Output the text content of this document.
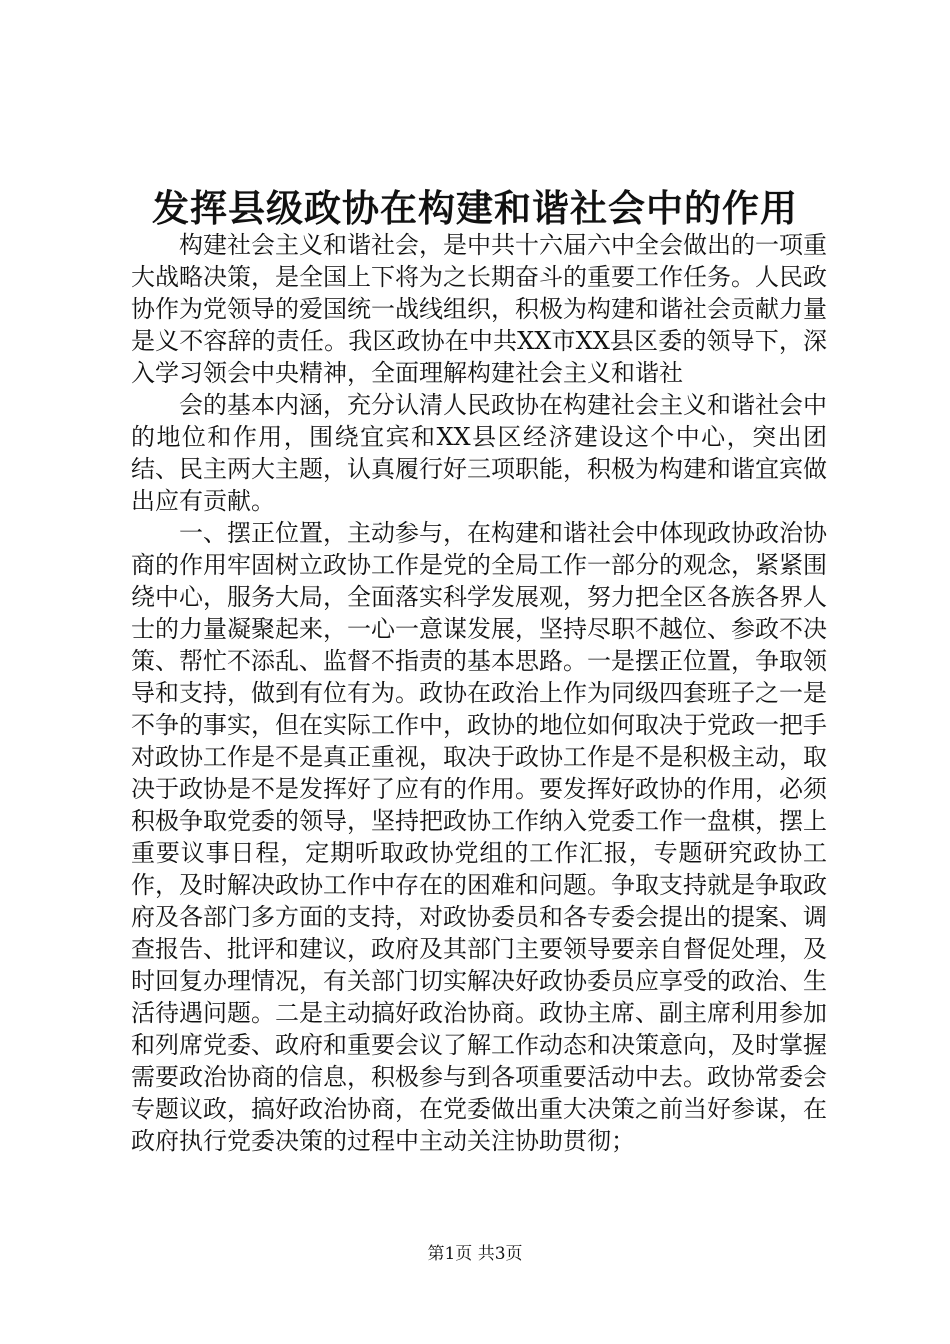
发挥县级政协在构建和谐社会中的作用

构建社会主义和谐社会，是中共十六届六中全会做出的一项重大战略决策，是全国上下将为之长期奋斗的重要工作任务。人民政协作为党领导的爱国统一战线组织，积极为构建和谐社会贡献力量是义不容辞的责任。我区政协在中共XX市XX县区委的领导下，深入学习领会中央精神，全面理解构建社会主义和谐社

会的基本内涵，充分认清人民政协在构建社会主义和谐社会中的地位和作用，围绕宜宾和XX县区经济建设这个中心，突出团结、民主两大主题，认真履行好三项职能，积极为构建和谐宜宾做出应有贡献。

一、摆正位置，主动参与，在构建和谐社会中体现政协政治协商的作用牢固树立政协工作是党的全局工作一部分的观念，紧紧围绕中心，服务大局，全面落实科学发展观，努力把全区各族各界人士的力量凝聚起来，一心一意谋发展，坚持尽职不越位、参政不决策、帮忙不添乱、监督不指责的基本思路。一是摆正位置，争取领导和支持，做到有位有为。政协在政治上作为同级四套班子之一是不争的事实，但在实际工作中，政协的地位如何取决于党政一把手对政协工作是不是真正重视，取决于政协工作是不是积极主动，取决于政协是不是发挥好了应有的作用。要发挥好政协的作用，必须积极争取党委的领导，坚持把政协工作纳入党委工作一盘棋，摆上重要议事日程，定期听取政协党组的工作汇报，专题研究政协工作，及时解决政协工作中存在的困难和问题。争取支持就是争取政府及各部门多方面的支持，对政协委员和各专委会提出的提案、调查报告、批评和建议，政府及其部门主要领导要亲自督促处理，及时回复办理情况，有关部门切实解决好政协委员应享受的政治、生活待遇问题。二是主动搞好政治协商。政协主席、副主席利用参加和列席党委、政府和重要会议了解工作动态和决策意向，及时掌握需要政治协商的信息，积极参与到各项重要活动中去。政协常委会专题议政，搞好政治协商，在党委做出重大决策之前当好参谋，在政府执行党委决策的过程中主动关注协助贯彻；

第1页 共3页
